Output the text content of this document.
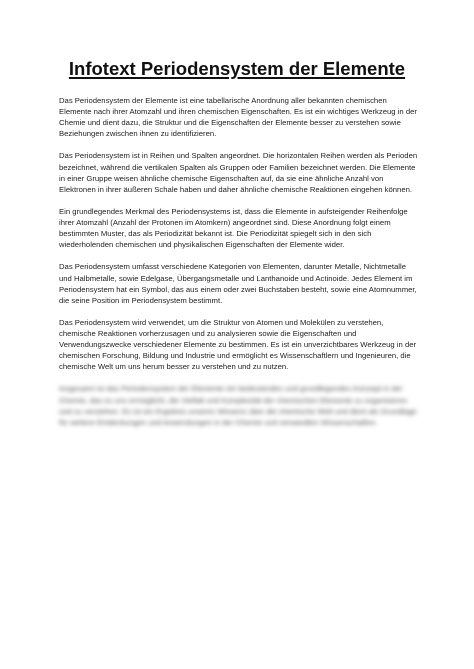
Infotext Periodensystem der Elemente

Das Periodensystem der Elemente ist eine tabellarische Anordnung aller bekannten chemischen Elemente nach ihrer Atomzahl und ihren chemischen Eigenschaften. Es ist ein wichtiges Werkzeug in der Chemie und dient dazu, die Struktur und die Eigenschaften der Elemente besser zu verstehen sowie Beziehungen zwischen ihnen zu identifizieren.

Das Periodensystem ist in Reihen und Spalten angeordnet. Die horizontalen Reihen werden als Perioden bezeichnet, während die vertikalen Spalten als Gruppen oder Familien bezeichnet werden. Die Elemente in einer Gruppe weisen ähnliche chemische Eigenschaften auf, da sie eine ähnliche Anzahl von Elektronen in ihrer äußeren Schale haben und daher ähnliche chemische Reaktionen eingehen können.

Ein grundlegendes Merkmal des Periodensystems ist, dass die Elemente in aufsteigender Reihenfolge ihrer Atomzahl (Anzahl der Protonen im Atomkern) angeordnet sind. Diese Anordnung folgt einem bestimmten Muster, das als Periodizität bekannt ist. Die Periodizität spiegelt sich in den sich wiederholenden chemischen und physikalischen Eigenschaften der Elemente wider.

Das Periodensystem umfasst verschiedene Kategorien von Elementen, darunter Metalle, Nichtmetalle und Halbmetalle, sowie Edelgase, Übergangsmetalle und Lanthanoide und Actinoide. Jedes Element im Periodensystem hat ein Symbol, das aus einem oder zwei Buchstaben besteht, sowie eine Atomnummer, die seine Position im Periodensystem bestimmt.

Das Periodensystem wird verwendet, um die Struktur von Atomen und Molekülen zu verstehen, chemische Reaktionen vorherzusagen und zu analysieren sowie die Eigenschaften und Verwendungszwecke verschiedener Elemente zu bestimmen. Es ist ein unverzichtbares Werkzeug in der chemischen Forschung, Bildung und Industrie und ermöglicht es Wissenschaftlern und Ingenieuren, die chemische Welt um uns herum besser zu verstehen und zu nutzen.

Insgesamt ist das Periodensystem der Elemente ein bedeutendes und grundlegendes Konzept in der Chemie, das es uns ermöglicht, die Vielfalt und Komplexität der chemischen Elemente zu organisieren und zu verstehen. Es ist ein Ergebnis unseres Wissens über die chemische Welt und dient als Grundlage für weitere Entdeckungen und Anwendungen in der Chemie und verwandten Wissenschaften.
